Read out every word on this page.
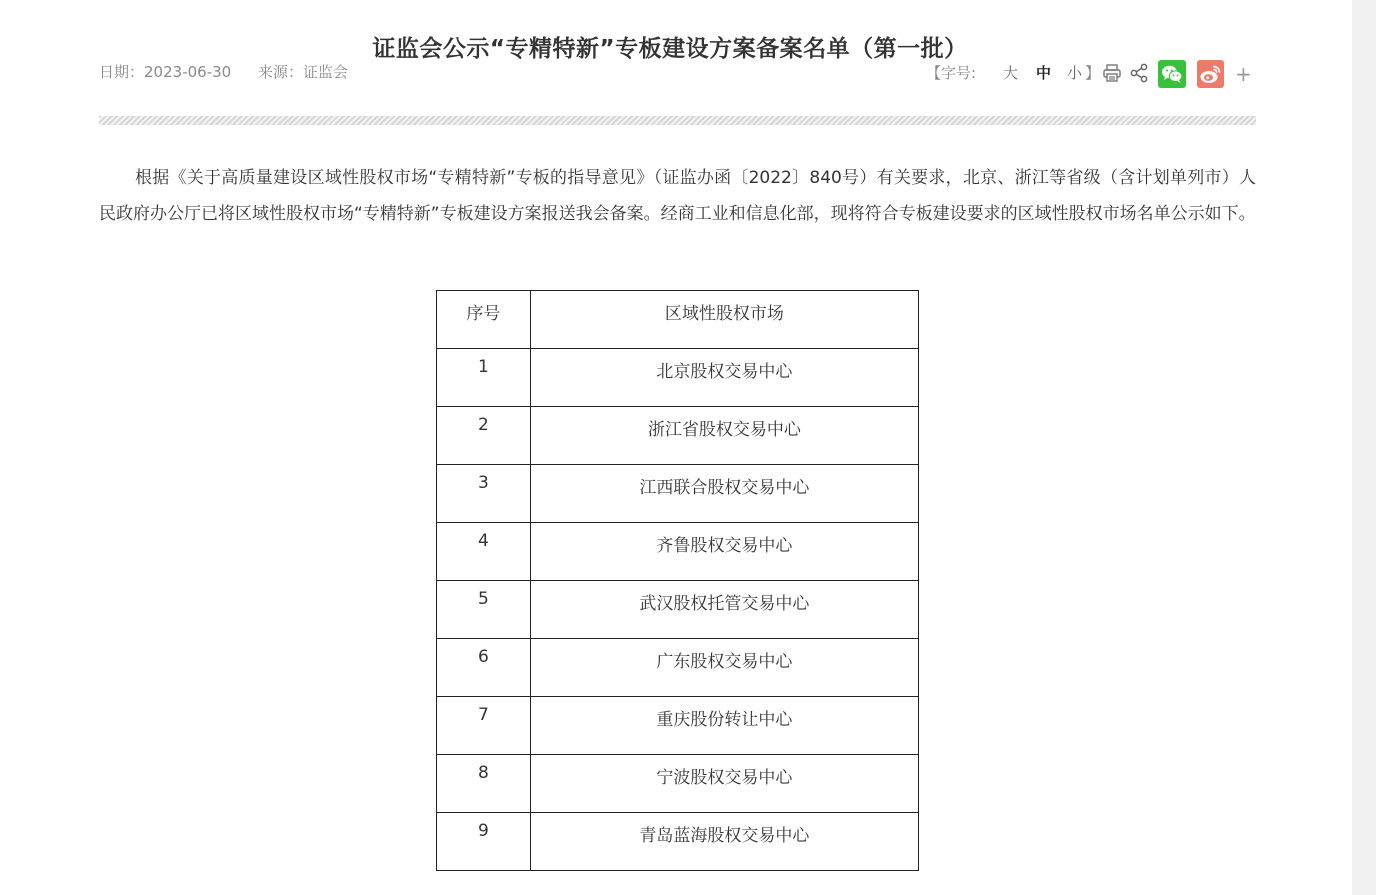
证监会公示“专精特新”专板建设方案备案名单（第一批）
日期：2023-06-30 来源：证监会	【字号: 大 中 小 】	+

根据《关于高质量建设区域性股权市场“专精特新”专板的指导意见》（证监办函〔2022〕840号）有关要求，北京、浙江等省级（含计划单列市）人民政府办公厅已将区域性股权市场“专精特新”专板建设方案报送我会备案。经商工业和信息化部，现将符合专板建设要求的区域性股权市场名单公示如下。

序号	区域性股权市场
1	北京股权交易中心
2	浙江省股权交易中心
3	江西联合股权交易中心
4	齐鲁股权交易中心
5	武汉股权托管交易中心
6	广东股权交易中心
7	重庆股份转让中心
8	宁波股权交易中心
9	青岛蓝海股权交易中心
